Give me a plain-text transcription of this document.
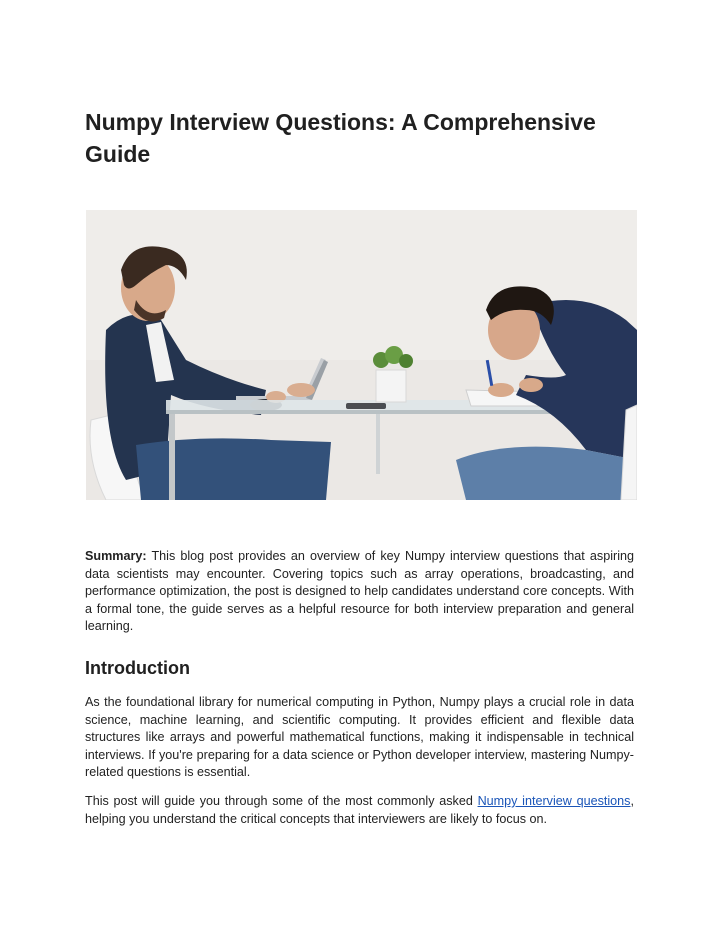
Numpy Interview Questions: A Comprehensive Guide

Summary: This blog post provides an overview of key Numpy interview questions that aspiring data scientists may encounter. Covering topics such as array operations, broadcasting, and performance optimization, the post is designed to help candidates understand core concepts. With a formal tone, the guide serves as a helpful resource for both interview preparation and general learning.

Introduction

As the foundational library for numerical computing in Python, Numpy plays a crucial role in data science, machine learning, and scientific computing. It provides efficient and flexible data structures like arrays and powerful mathematical functions, making it indispensable in technical interviews. If you're preparing for a data science or Python developer interview, mastering Numpy-related questions is essential.

This post will guide you through some of the most commonly asked Numpy interview questions, helping you understand the critical concepts that interviewers are likely to focus on.
